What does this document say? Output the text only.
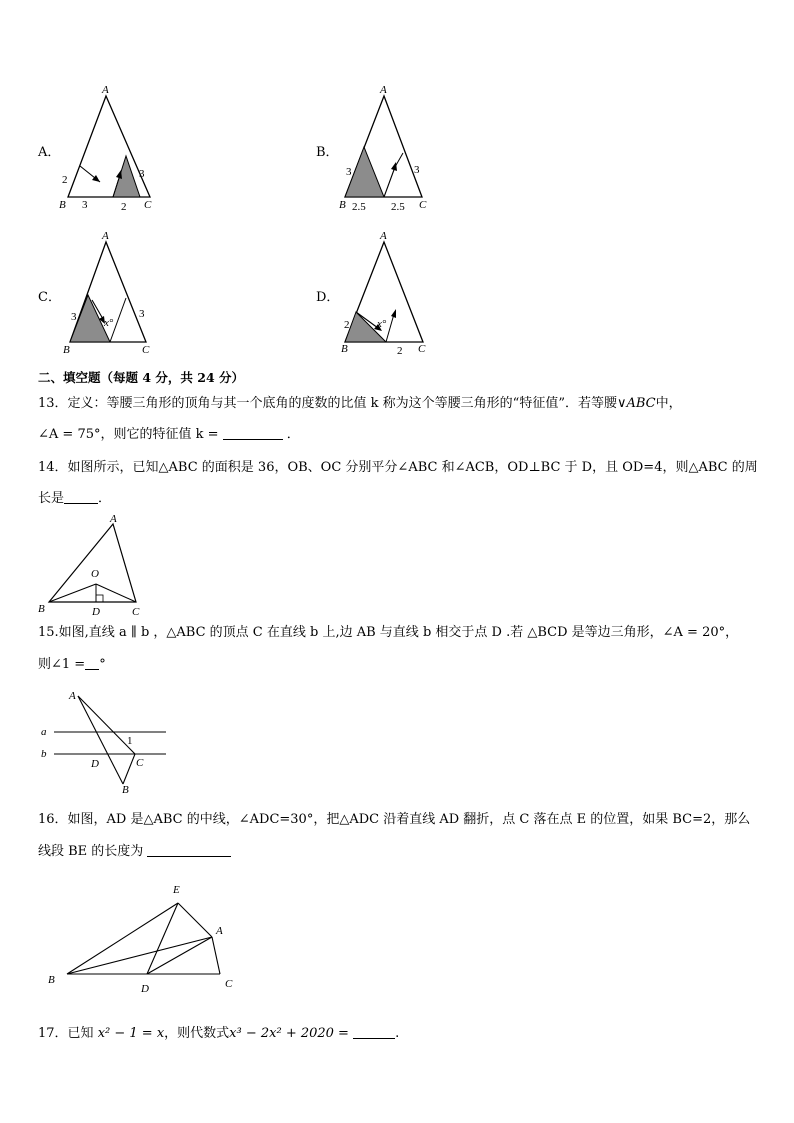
A．
A
B	C
2	3
3	2
B．
A
B	C
3	3
2.5 2.5
C．
A
B	C
3	3
x°
D．
A
B	C
2
2
x°
二、填空题（每题 4 分，共 24 分）
13．定义：等腰三角形的顶角与其一个底角的度数的比值 k 称为这个等腰三角形的“特征值”．若等腰∨ABC中，
∠A = 75°，则它的特征值 k =	．
14．如图所示，已知△ABC 的面积是 36，OB、OC 分别平分∠ABC 和∠ACB，OD⊥BC 于 D，且 OD=4，则△ABC 的周
长是	．
A
O
B	D	C
15.如图,直线 a ∥ b ，△ABC 的顶点 C 在直线 b 上,边 AB 与直线 b 相交于点 D .若 △BCD 是等边三角形，∠A = 20°，
则∠1 = °
A
a
b
1
D	C
B
16．如图，AD 是△ABC 的中线，∠ADC=30°，把△ADC 沿着直线 AD 翻折，点 C 落在点 E 的位置，如果 BC=2，那么
线段 BE 的长度为
E
A
B
D	C
17．已知 x² − 1 = x，则代数式x³ − 2x² + 2020 =	.
